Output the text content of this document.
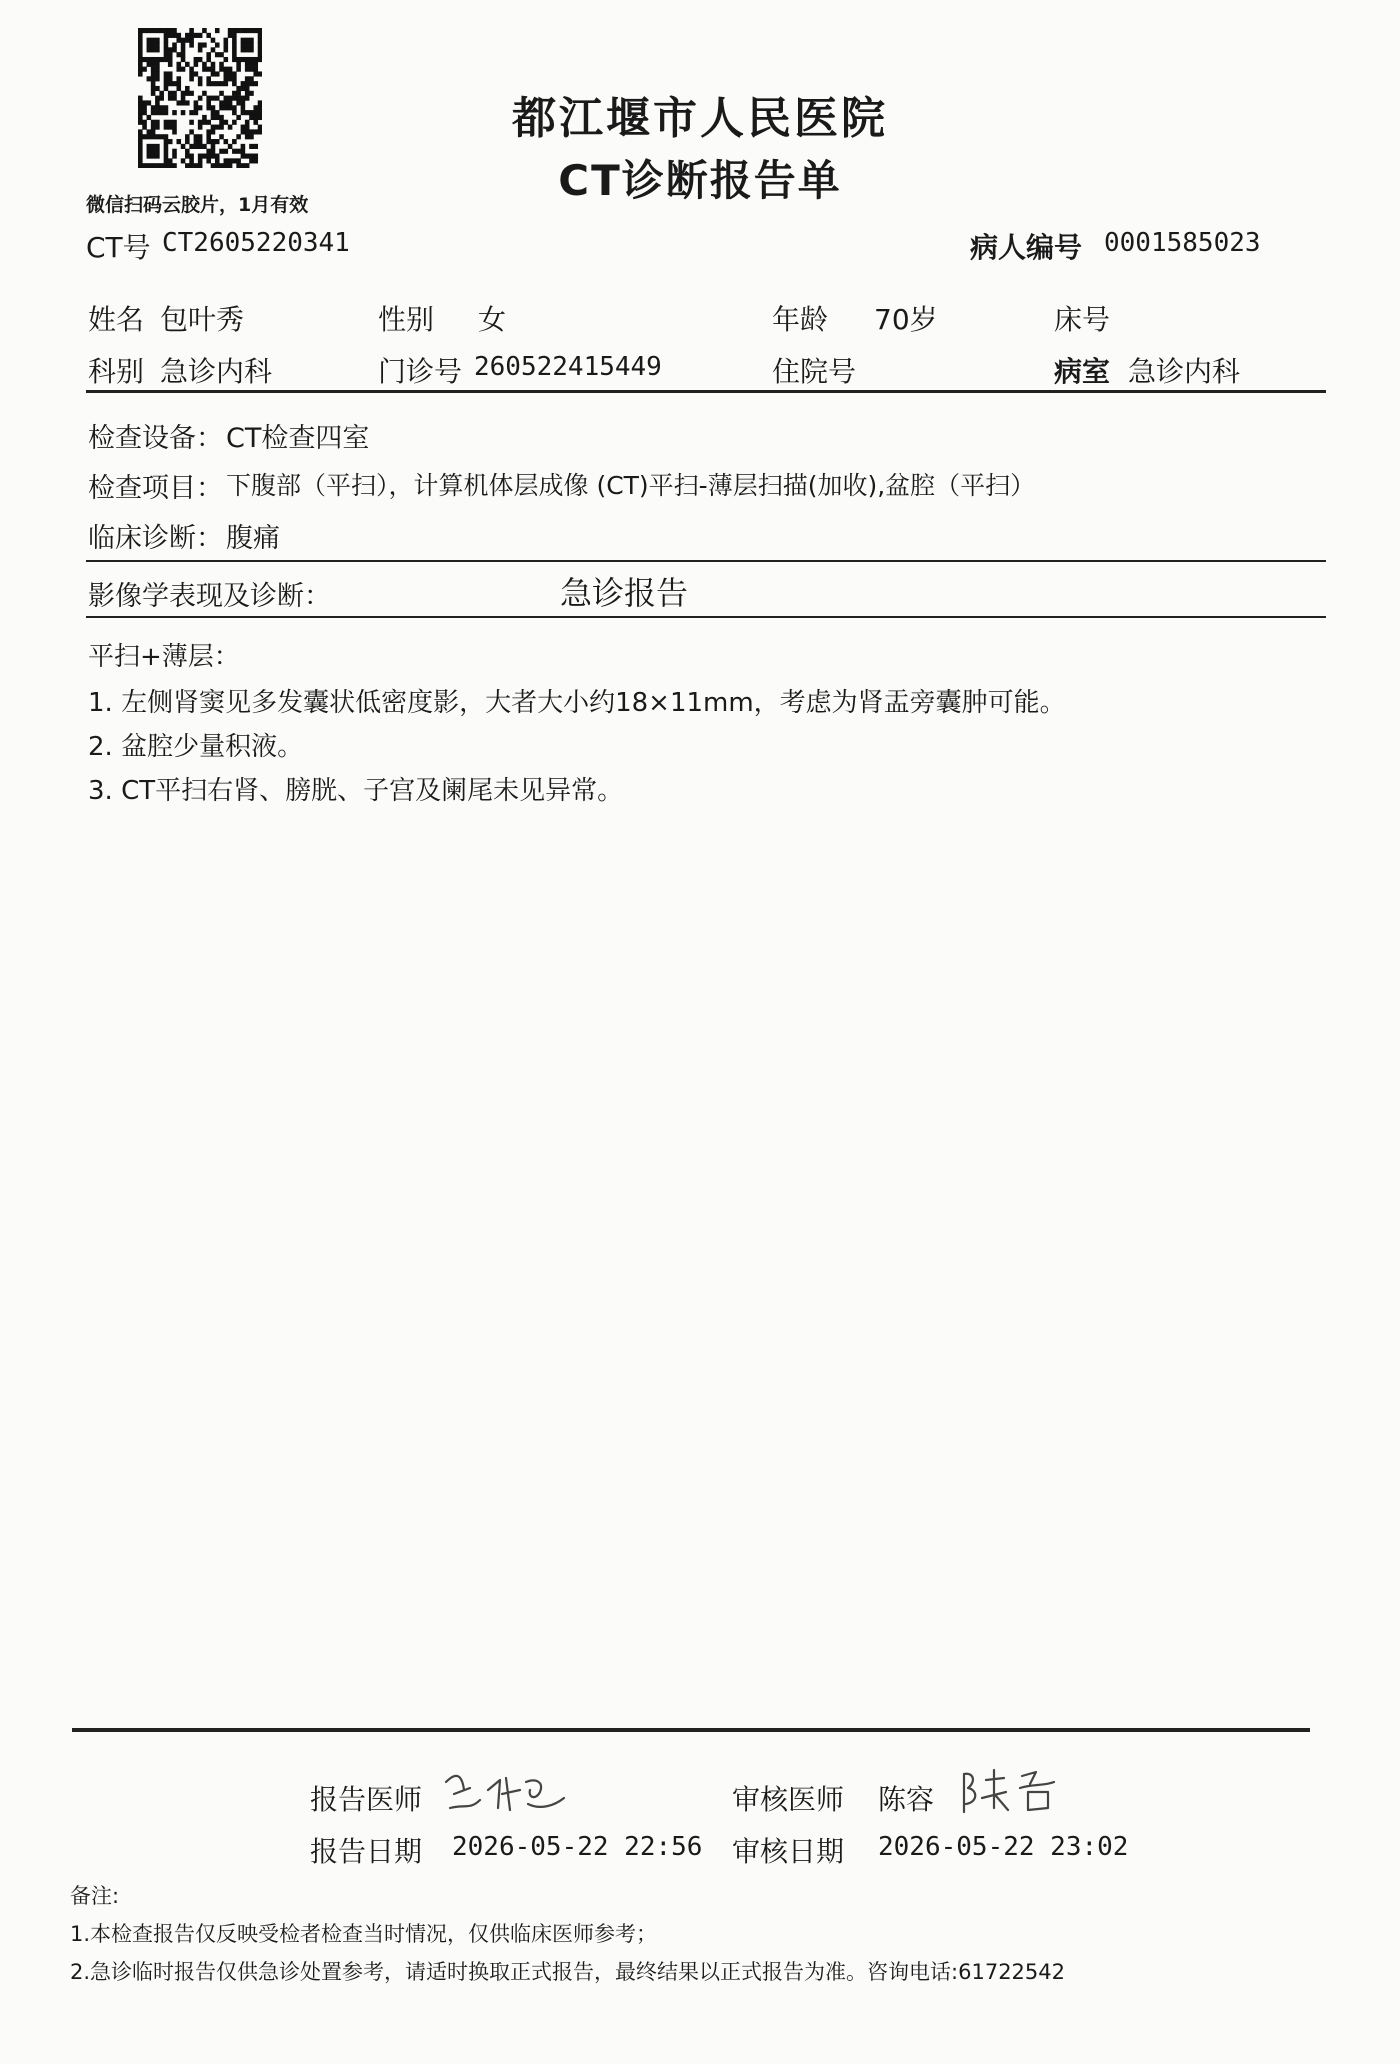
微信扫码云胶片，1月有效
都江堰市人民医院
CT诊断报告单
CT号 CT2605220341	病人编号 0001585023
姓名 包叶秀	性别 女	年龄 70岁	床号
科别 急诊内科	门诊号 260522415449	住院号	病室 急诊内科
检查设备： CT检查四室
检查项目： 下腹部（平扫），计算机体层成像 (CT)平扫-薄层扫描(加收),盆腔（平扫）
临床诊断： 腹痛
影像学表现及诊断：	急诊报告
平扫+薄层：
1. 左侧肾窦见多发囊状低密度影，大者大小约18×11mm，考虑为肾盂旁囊肿可能。
2. 盆腔少量积液。
3. CT平扫右肾、膀胱、子宫及阑尾未见异常。
报告医师	审核医师 陈容
报告日期 2026-05-22 22:56 审核日期 2026-05-22 23:02
备注:
1.本检查报告仅反映受检者检查当时情况，仅供临床医师参考；
2.急诊临时报告仅供急诊处置参考，请适时换取正式报告，最终结果以正式报告为准。咨询电话:61722542
